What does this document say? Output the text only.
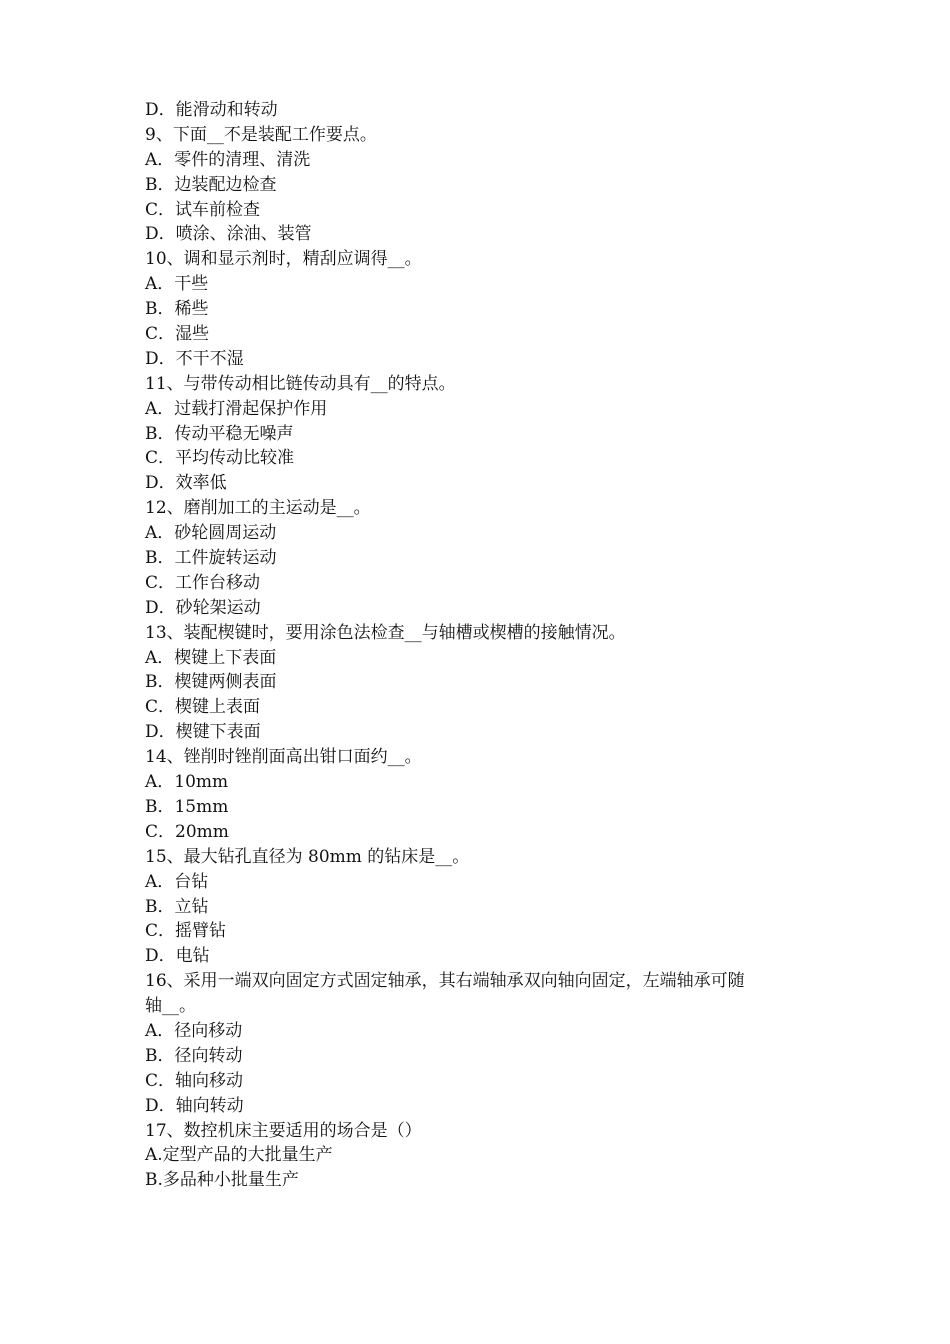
D．能滑动和转动
9、下面__不是装配工作要点。
A．零件的清理、清洗
B．边装配边检查
C．试车前检查
D．喷涂、涂油、装管
10、调和显示剂时，精刮应调得__。
A．干些
B．稀些
C．湿些
D．不干不湿
11、与带传动相比链传动具有__的特点。
A．过载打滑起保护作用
B．传动平稳无噪声
C．平均传动比较准
D．效率低
12、磨削加工的主运动是__。
A．砂轮圆周运动
B．工件旋转运动
C．工作台移动
D．砂轮架运动
13、装配楔键时，要用涂色法检查__与轴槽或楔槽的接触情况。
A．楔键上下表面
B．楔键两侧表面
C．楔键上表面
D．楔键下表面
14、锉削时锉削面高出钳口面约__。
A．10mm
B．15mm
C．20mm
15、最大钻孔直径为 80mm 的钻床是__。
A．台钻
B．立钻
C．摇臂钻
D．电钻
16、采用一端双向固定方式固定轴承，其右端轴承双向轴向固定，左端轴承可随
轴__。
A．径向移动
B．径向转动
C．轴向移动
D．轴向转动
17、数控机床主要适用的场合是（）
A.定型产品的大批量生产
B.多品种小批量生产
